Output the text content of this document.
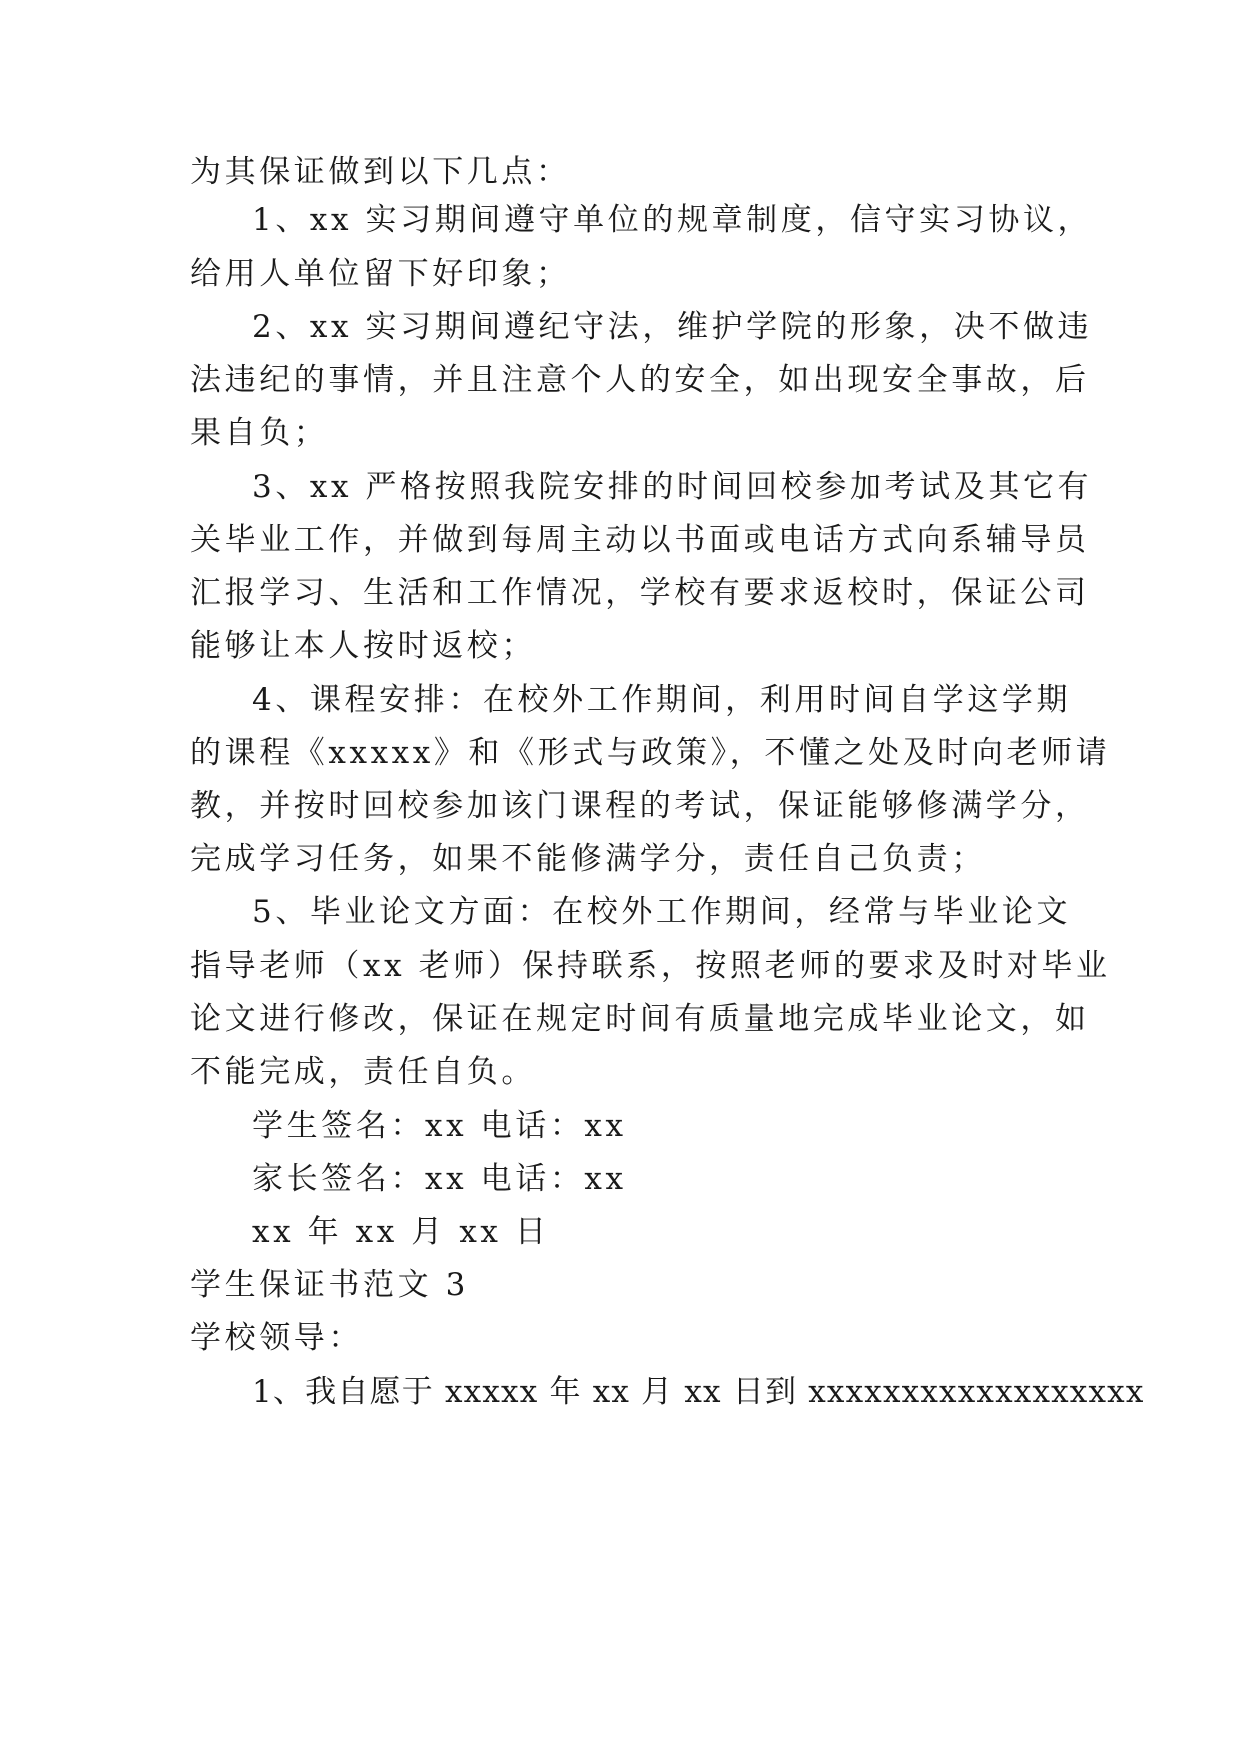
为其保证做到以下几点：
1、xx 实习期间遵守单位的规章制度，信守实习协议，
给用人单位留下好印象；
2、xx 实习期间遵纪守法，维护学院的形象，决不做违
法违纪的事情，并且注意个人的安全，如出现安全事故，后
果自负；
3、xx 严格按照我院安排的时间回校参加考试及其它有
关毕业工作，并做到每周主动以书面或电话方式向系辅导员
汇报学习、生活和工作情况，学校有要求返校时，保证公司
能够让本人按时返校；
4、课程安排：在校外工作期间，利用时间自学这学期
的课程《xxxxx》和《形式与政策》，不懂之处及时向老师请
教，并按时回校参加该门课程的考试，保证能够修满学分，
完成学习任务，如果不能修满学分，责任自己负责；
5、毕业论文方面：在校外工作期间，经常与毕业论文
指导老师（xx 老师）保持联系，按照老师的要求及时对毕业
论文进行修改，保证在规定时间有质量地完成毕业论文，如
不能完成，责任自负。
学生签名：xx 电话：xx
家长签名：xx 电话：xx
xx 年 xx 月 xx 日
学生保证书范文 3
学校领导：
1、我自愿于 xxxxx 年 xx 月 xx 日到 xxxxxxxxxxxxxxxxxx
